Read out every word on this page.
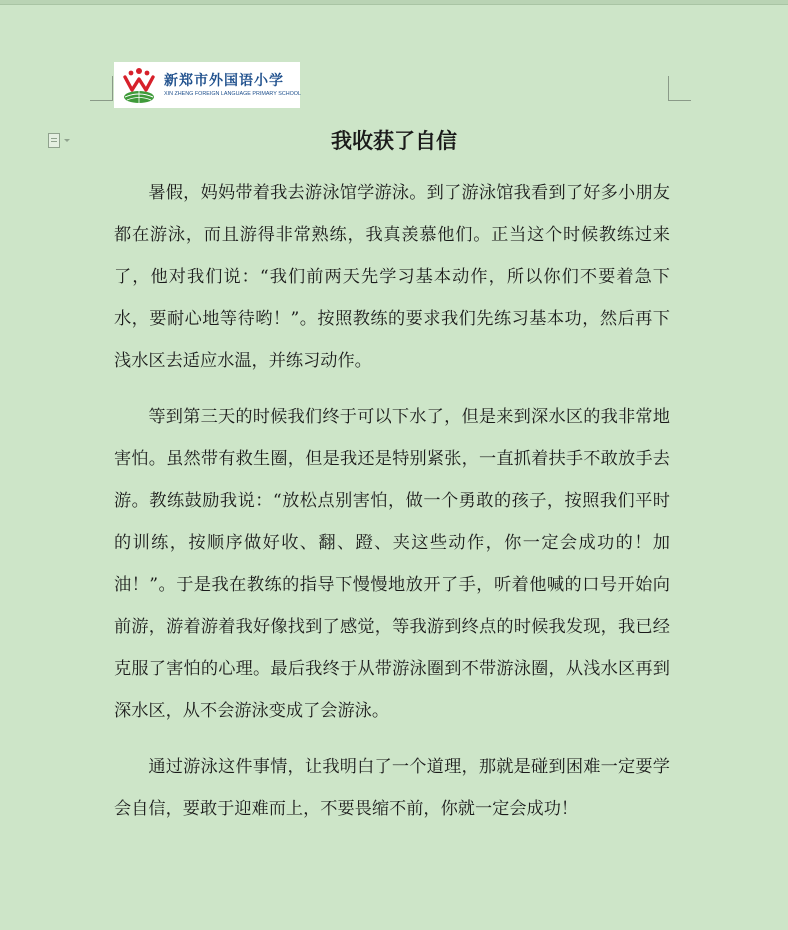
新郑市外国语小学
XIN ZHENG FOREIGN LANGUAGE PRIMARY SCHOOL
我收获了自信

暑假，妈妈带着我去游泳馆学游泳。到了游泳馆我看到了好多小朋友都在游泳，而且游得非常熟练，我真羡慕他们。正当这个时候教练过来了，他对我们说：“我们前两天先学习基本动作，所以你们不要着急下水，要耐心地等待哟！”。按照教练的要求我们先练习基本功，然后再下浅水区去适应水温，并练习动作。

等到第三天的时候我们终于可以下水了，但是来到深水区的我非常地害怕。虽然带有救生圈，但是我还是特别紧张，一直抓着扶手不敢放手去游。教练鼓励我说：“放松点别害怕，做一个勇敢的孩子，按照我们平时的训练，按顺序做好收、翻、蹬、夹这些动作，你一定会成功的！加油！”。于是我在教练的指导下慢慢地放开了手，听着他喊的口号开始向前游，游着游着我好像找到了感觉，等我游到终点的时候我发现，我已经克服了害怕的心理。最后我终于从带游泳圈到不带游泳圈，从浅水区再到深水区，从不会游泳变成了会游泳。

通过游泳这件事情，让我明白了一个道理，那就是碰到困难一定要学会自信，要敢于迎难而上，不要畏缩不前，你就一定会成功！
